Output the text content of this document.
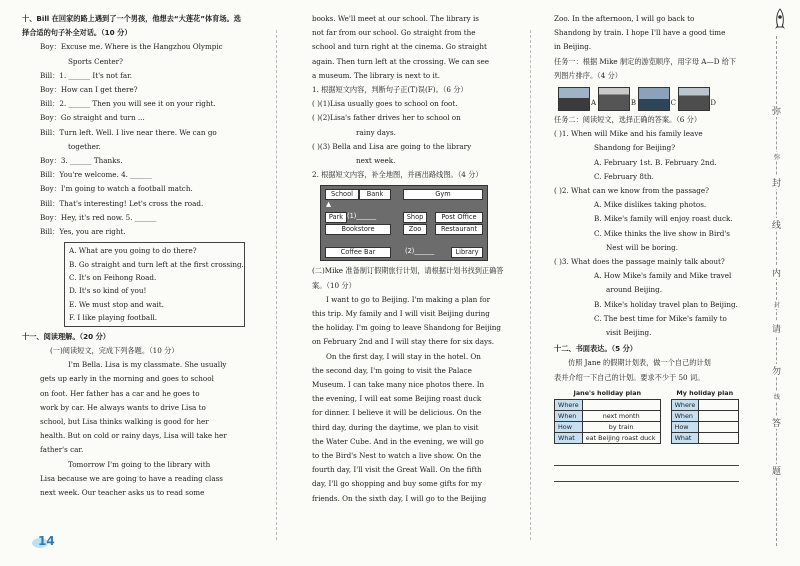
十、Bill 在回家的路上遇到了一个男孩，他想去“大莲花”体育场。选择合适的句子补全对话。（10 分）
Boy：Excuse me. Where is the Hangzhou Olympic
Sports Center?
Bill：1. ______ It's not far.
Boy：How can I get there?
Bill：2. ______ Then you will see it on your right.
Boy：Go straight and turn ...
Bill：Turn left. Well. I live near there. We can go
together.
Boy：3. ______ Thanks.
Bill：You're welcome. 4. ______
Boy：I'm going to watch a football match.
Bill：That's interesting! Let's cross the road.
Boy：Hey, it's red now. 5. ______
Bill：Yes, you are right.
A. What are you going to do there?
B. Go straight and turn left at the first crossing.
C. It's on Feihong Road.
D. It's so kind of you!
E. We must stop and wait.
F. I like playing football.
十一、阅读理解。（20 分）
(一)阅读短文，完成下列各题。（10 分）
I'm Bella. Lisa is my classmate. She usually
gets up early in the morning and goes to school
on foot. Her father has a car and he goes to
work by car. He always wants to drive Lisa to
school, but Lisa thinks walking is good for her
health. But on cold or rainy days, Lisa will take her
father's car.
Tomorrow I'm going to the library with
Lisa because we are going to have a reading class
next week. Our teacher asks us to read some
books. We'll meet at our school. The library is
not far from our school. Go straight from the
school and turn right at the cinema. Go straight
again. Then turn left at the crossing. We can see
a museum. The library is next to it.
1. 根据短文内容，判断句子正(T)误(F)。（6 分）
( )(1)Lisa usually goes to school on foot.
( )(2)Lisa's father drives her to school on
rainy days.
( )(3) Bella and Lisa are going to the library
next week.
2. 根据短文内容，补全地图，并画出路线图。（4 分）
School	Bank	Gym
▲
Park (1)______	Shop	Post Office
Bookstore	Zoo	Restaurant
Coffee Bar	(2)______	Library
(二)Mike 准备制订假期旅行计划，请根据计划书找到正确答案。（10 分）
I want to go to Beijing. I'm making a plan for
this trip. My family and I will visit Beijing during
the holiday. I'm going to leave Shandong for Beijing
on February 2nd and I will stay there for six days.
On the first day, I will stay in the hotel. On
the second day, I'm going to visit the Palace
Museum. I can take many nice photos there. In
the evening, I will eat some Beijing roast duck
for dinner. I believe it will be delicious. On the
third day, during the daytime, we plan to visit
the Water Cube. And in the evening, we will go
to the Bird's Nest to watch a live show. On the
fourth day, I'll visit the Great Wall. On the fifth
day, I'll go shopping and buy some gifts for my
friends. On the sixth day, I will go to the Beijing
Zoo. In the afternoon, I will go back to
Shandong by train. I hope I'll have a good time
in Beijing.
任务一：根据 Mike 制定的游览顺序，用字母 A—D 给下列图片排序。（4 分）
A	B	C	D
任务二：阅读短文，选择正确的答案。（6 分）
( )1. When will Mike and his family leave
Shandong for Beijing?
A. February 1st. B. February 2nd.
C. February 8th.
( )2. What can we know from the passage?
A. Mike dislikes taking photos.
B. Mike's family will enjoy roast duck.
C. Mike thinks the live show in Bird's
Nest will be boring.
( )3. What does the passage mainly talk about?
A. How Mike's family and Mike travel
around Beijing.
B. Mike's holiday travel plan to Beijing.
C. The best time for Mike's family to
visit Beijing.
十二、书面表达。（5 分）
仿照 Jane 的假期计划表，做一个自己的计划
表并介绍一下自己的计划。要求不少于 50 词。
Jane's holiday plan
Where	
When	next month
How	by train
What	eat Beijing roast duck
My holiday plan
Where	
When	
How	
What	
弥
弥
封
线
内
封
请
勿
线
答
题
14
